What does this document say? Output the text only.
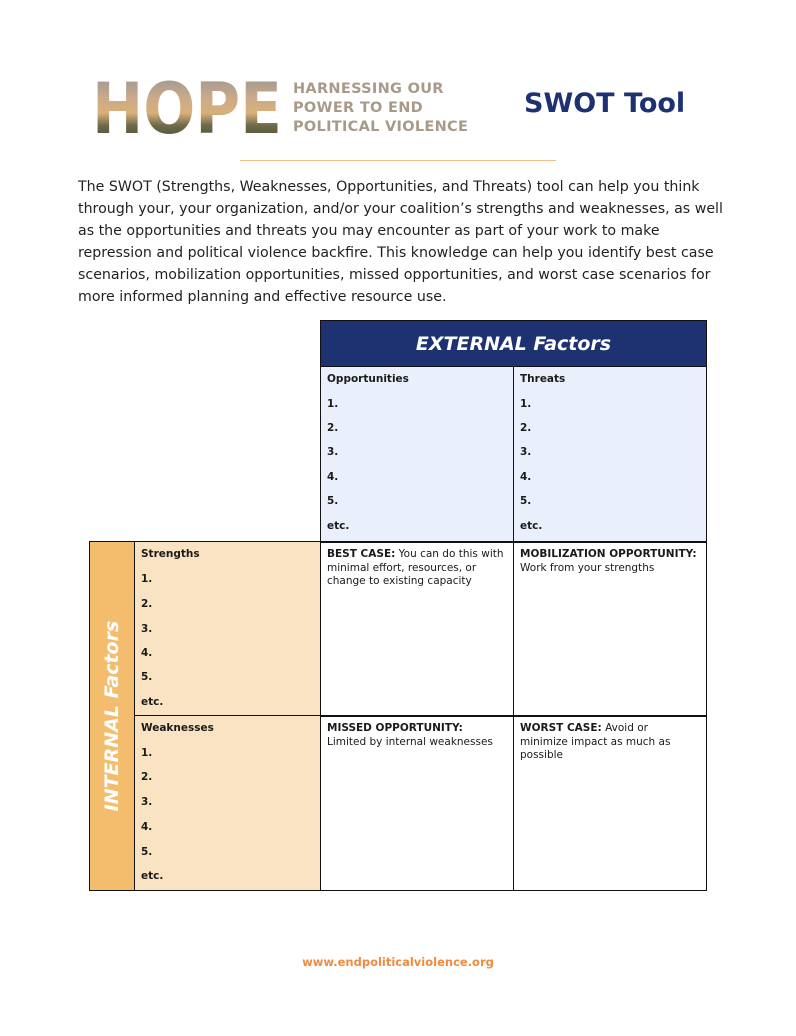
HOPE HARNESSING OUR
POWER TO END
POLITICAL VIOLENCE
SWOT Tool

The SWOT (Strengths, Weaknesses, Opportunities, and Threats) tool can help you think through your, your organization, and/or your coalition’s strengths and weaknesses, as well as the opportunities and threats you may encounter as part of your work to make repression and political violence backfire. This knowledge can help you identify best case scenarios, mobilization opportunities, missed opportunities, and worst case scenarios for more informed planning and effective resource use.

EXTERNAL Factors
Opportunities
1.
2.
3.
4.
5.
etc.
Threats
1.
2.
3.
4.
5.
etc.
INTERNAL Factors
Strengths
1.
2.
3.
4.
5.
etc.
Weaknesses
1.
2.
3.
4.
5.
etc.
BEST CASE: You can do this with minimal effort, resources, or change to existing capacity
MOBILIZATION OPPORTUNITY: Work from your strengths
MISSED OPPORTUNITY: Limited by internal weaknesses
WORST CASE: Avoid or minimize impact as much as possible
www.endpoliticalviolence.org
